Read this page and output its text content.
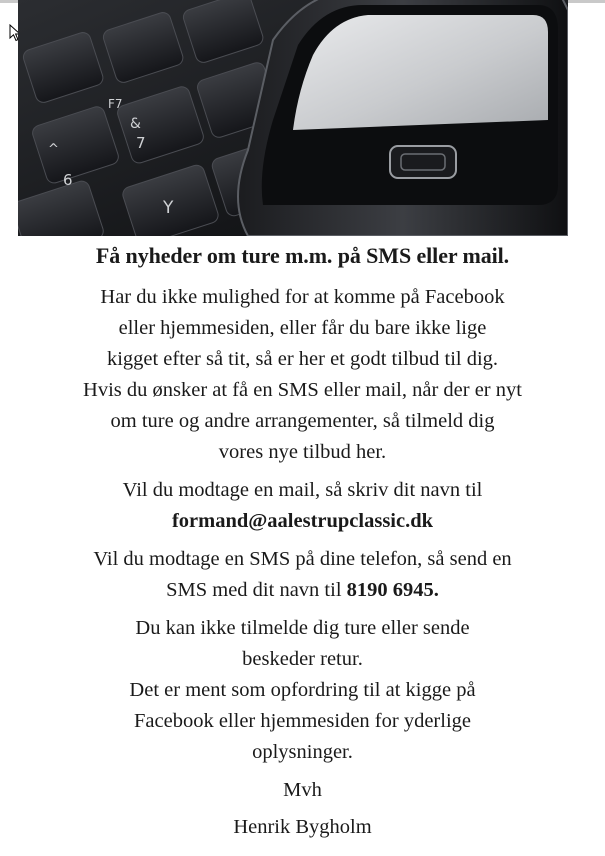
F7
7
&
6
Y
^

Få nyheder om ture m.m. på SMS eller mail.

Har du ikke mulighed for at komme på Facebook
eller hjemmesiden, eller får du bare ikke lige
kigget efter så tit, så er her et godt tilbud til dig.
Hvis du ønsker at få en SMS eller mail, når der er nyt
om ture og andre arrangementer, så tilmeld dig
vores nye tilbud her.

Vil du modtage en mail, så skriv dit navn til
formand@aalestrupclassic.dk

Vil du modtage en SMS på dine telefon, så send en
SMS med dit navn til 8190 6945.

Du kan ikke tilmelde dig ture eller sende
beskeder retur.
Det er ment som opfordring til at kigge på
Facebook eller hjemmesiden for yderlige
oplysninger.

Mvh

Henrik Bygholm
